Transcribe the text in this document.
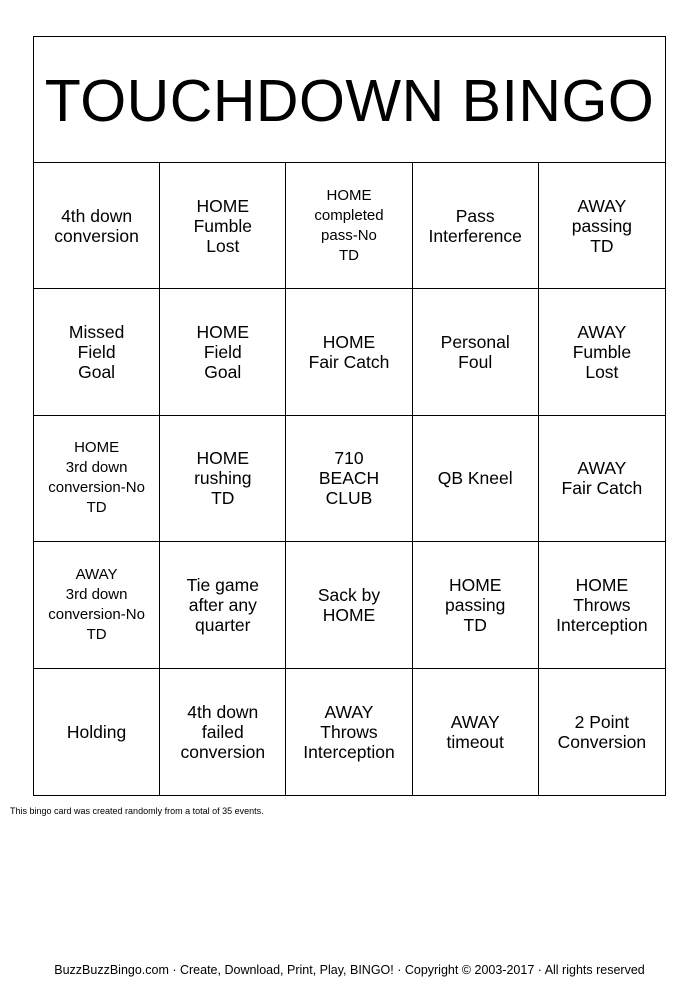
TOUCHDOWN BINGO
4th down
conversion
HOME
Fumble
Lost
HOME
completed
pass-No
TD
Pass
Interference
AWAY
passing
TD
Missed
Field
Goal
HOME
Field
Goal
HOME
Fair Catch
Personal
Foul
AWAY
Fumble
Lost
HOME
3rd down
conversion-No
TD
HOME
rushing
TD
710
BEACH
CLUB
QB Kneel	AWAY
Fair Catch
AWAY
3rd down
conversion-No
TD
Tie game
after any
quarter
Sack by
HOME
HOME
passing
TD
HOME
Throws
Interception
Holding
4th down
failed
conversion
AWAY
Throws
Interception
AWAY
timeout
2 Point
Conversion
This bingo card was created randomly from a total of 35 events.
BuzzBuzzBingo.com · Create, Download, Print, Play, BINGO! · Copyright © 2003-2017 · All rights reserved
